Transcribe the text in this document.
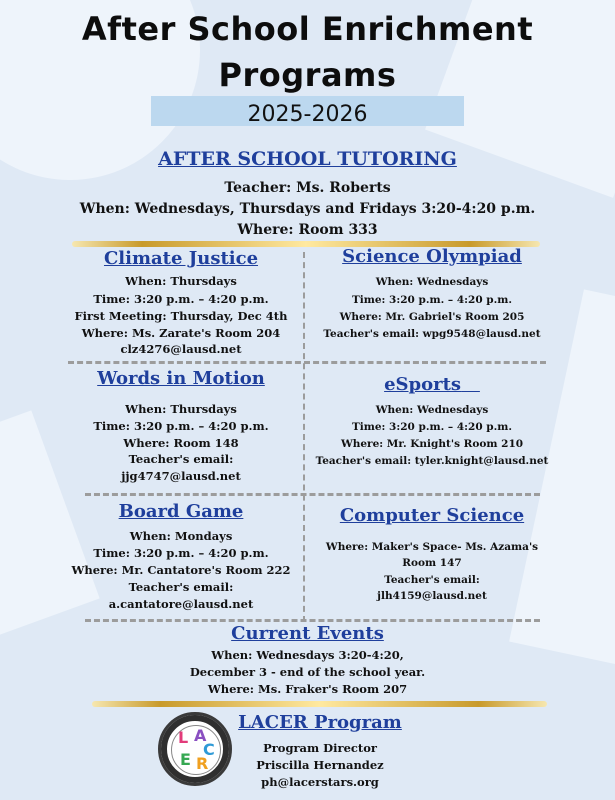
After School Enrichment
Programs
2025-2026
AFTER SCHOOL TUTORING
Teacher: Ms. Roberts
When: Wednesdays, Thursdays and Fridays 3:20-4:20 p.m.
Where: Room 333
Climate Justice
When: Thursdays
Time: 3:20 p.m. – 4:20 p.m.
First Meeting: Thursday, Dec 4th
Where: Ms. Zarate's Room 204
clz4276@lausd.net
Science Olympiad
When: Wednesdays
Time: 3:20 p.m. – 4:20 p.m.
Where: Mr. Gabriel's Room 205
Teacher's email: wpg9548@lausd.net
Words in Motion
When: Thursdays
Time: 3:20 p.m. – 4:20 p.m.
Where: Room 148
Teacher's email:
jjg4747@lausd.net
eSports
When: Wednesdays
Time: 3:20 p.m. – 4:20 p.m.
Where: Mr. Knight's Room 210
Teacher's email: tyler.knight@lausd.net
Board Game
When: Mondays
Time: 3:20 p.m. – 4:20 p.m.
Where: Mr. Cantatore's Room 222
Teacher's email:
a.cantatore@lausd.net
Computer Science
Where: Maker's Space- Ms. Azama's
Room 147
Teacher's email:
jlh4159@lausd.net
Current Events
When: Wednesdays 3:20-4:20,
December 3 - end of the school year.
Where: Ms. Fraker's Room 207
L A
C
E R
LACER Program
Program Director
Priscilla Hernandez
ph@lacerstars.org
